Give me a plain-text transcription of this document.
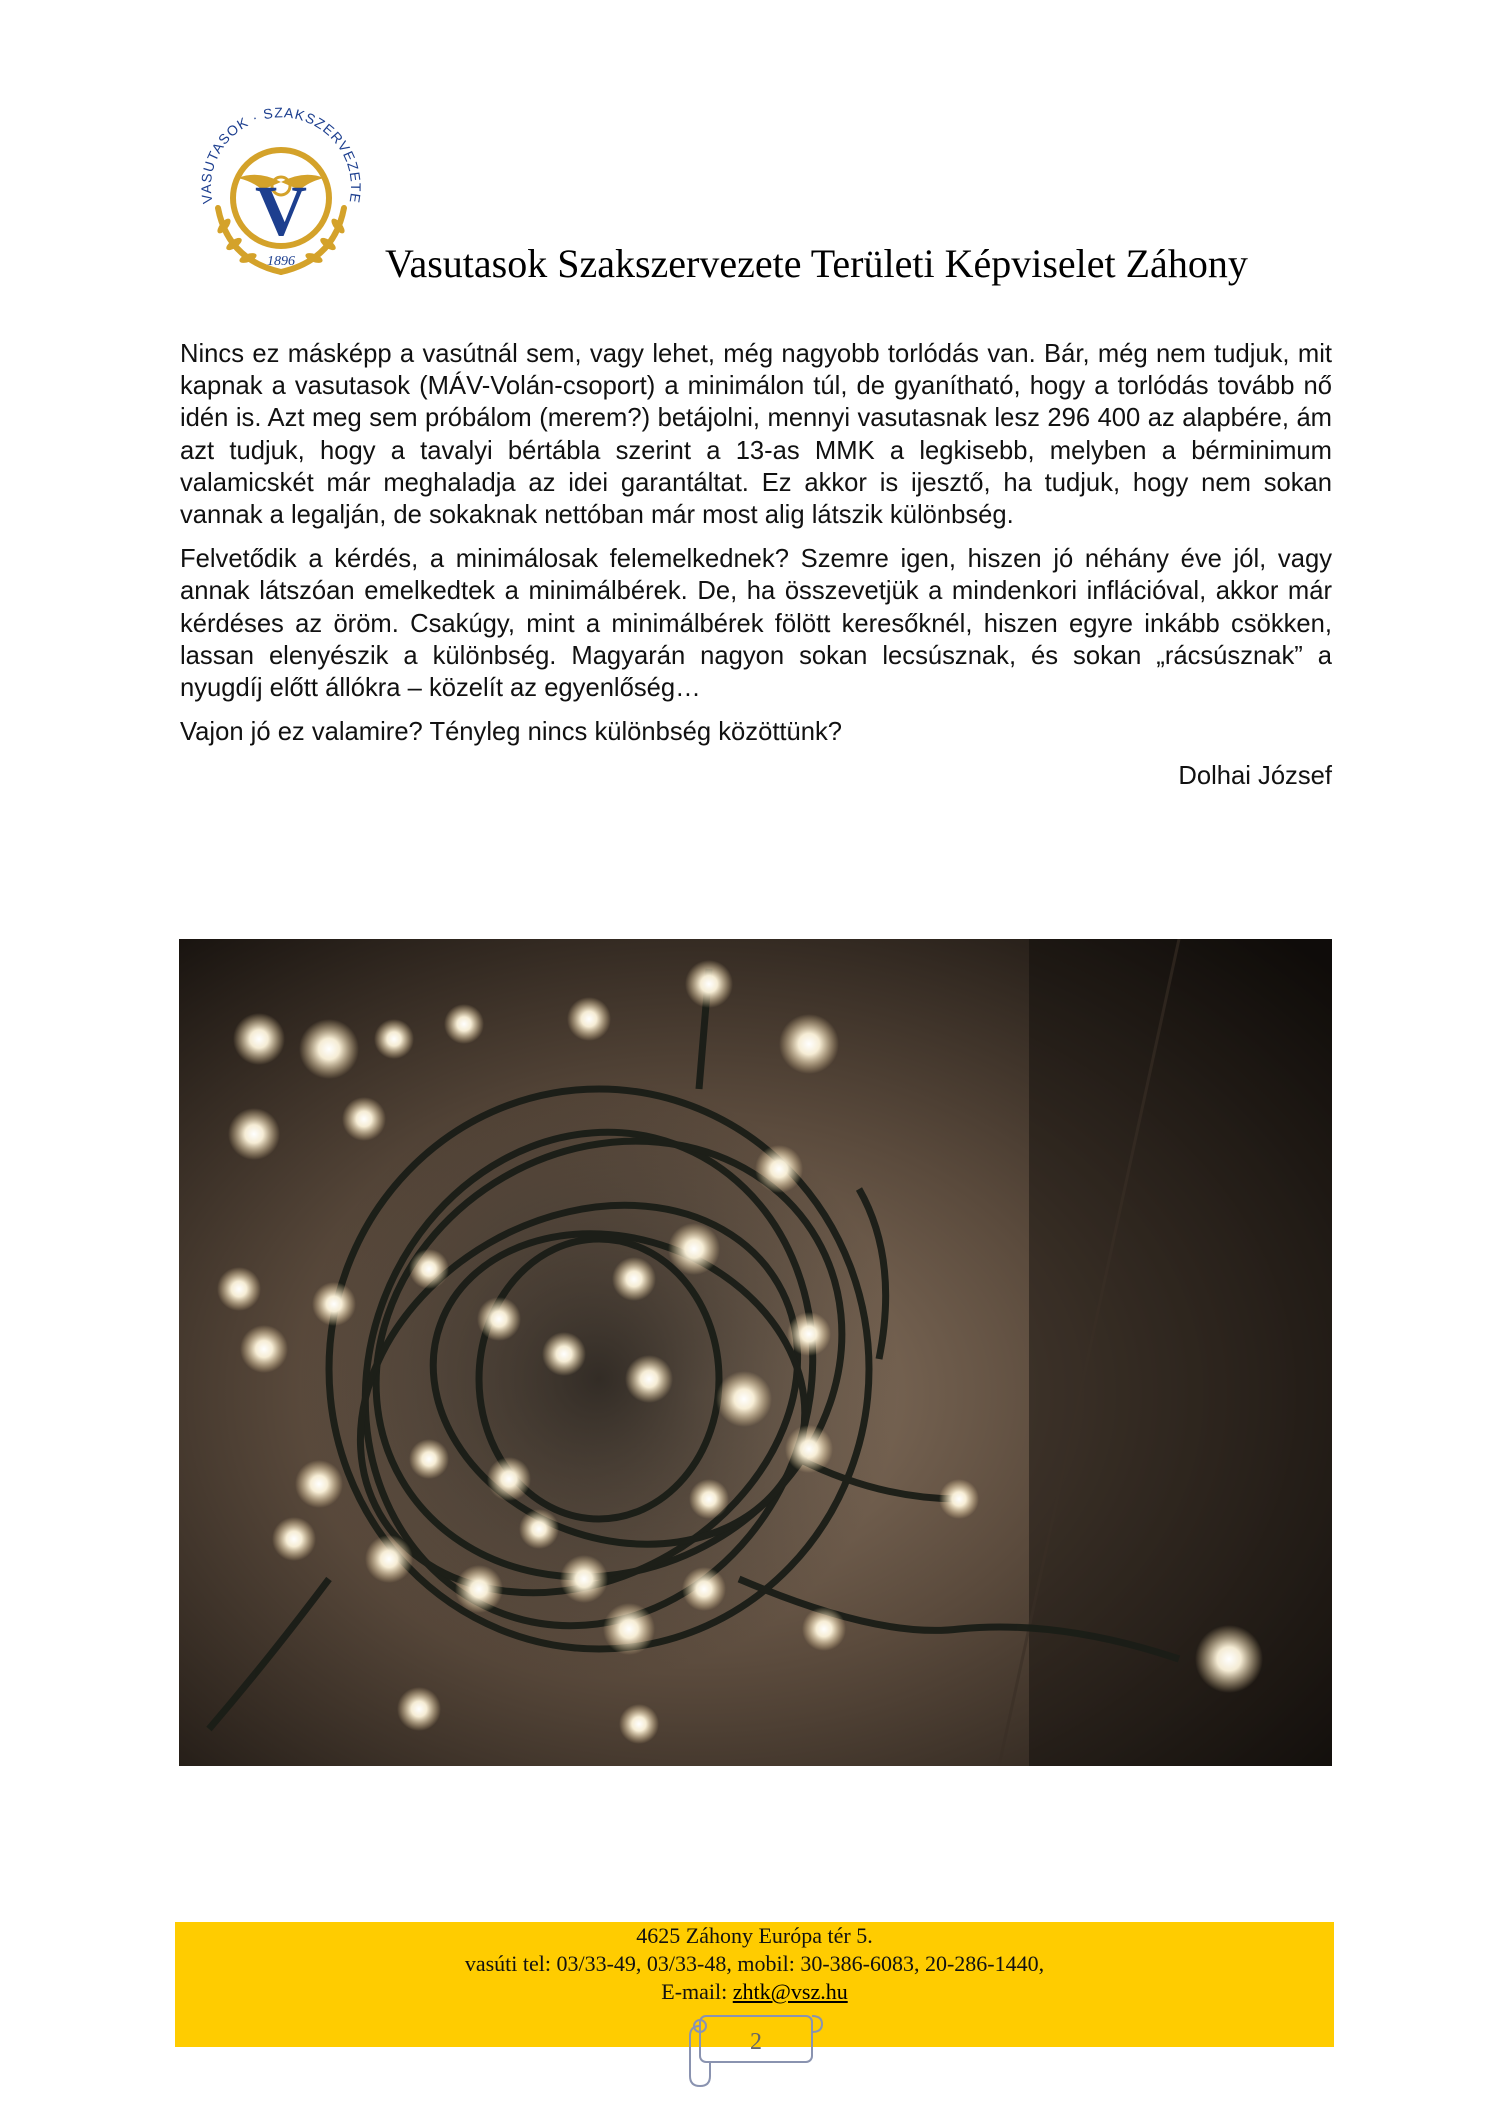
VASUTASOK · SZAKSZERVEZETE
V
1896 Vasutasok Szakszervezete Területi Képviselet Záhony

Nincs ez másképp a vasútnál sem, vagy lehet, még nagyobb torlódás van. Bár, még nem tudjuk, mit kapnak a vasutasok (MÁV-Volán-csoport) a minimálon túl, de gyanítható, hogy a torlódás tovább nő idén is. Azt meg sem próbálom (merem?) betájolni, mennyi vasutasnak lesz 296 400 az alapbére, ám azt tudjuk, hogy a tavalyi bértábla szerint a 13-as MMK a legkisebb, melyben a bérminimum valamicskét már meghaladja az idei garantáltat. Ez akkor is ijesztő, ha tudjuk, hogy nem sokan vannak a legalján, de sokaknak nettóban már most alig látszik különbség.

Felvetődik a kérdés, a minimálosak felemelkednek? Szemre igen, hiszen jó néhány éve jól, vagy annak látszóan emelkedtek a minimálbérek. De, ha összevetjük a mindenkori inflációval, akkor már kérdéses az öröm. Csakúgy, mint a minimálbérek fölött keresőknél, hiszen egyre inkább csökken, lassan elenyészik a különbség. Magyarán nagyon sokan lecsúsznak, és sokan „rácsúsznak” a nyugdíj előtt állókra – közelít az egyenlőség…

Vajon jó ez valamire? Tényleg nincs különbség közöttünk?

Dolhai József
4625 Záhony Európa tér 5.
vasúti tel: 03/33-49, 03/33-48, mobil: 30-386-6083, 20-286-1440,
E-mail: zhtk@vsz.hu
2
